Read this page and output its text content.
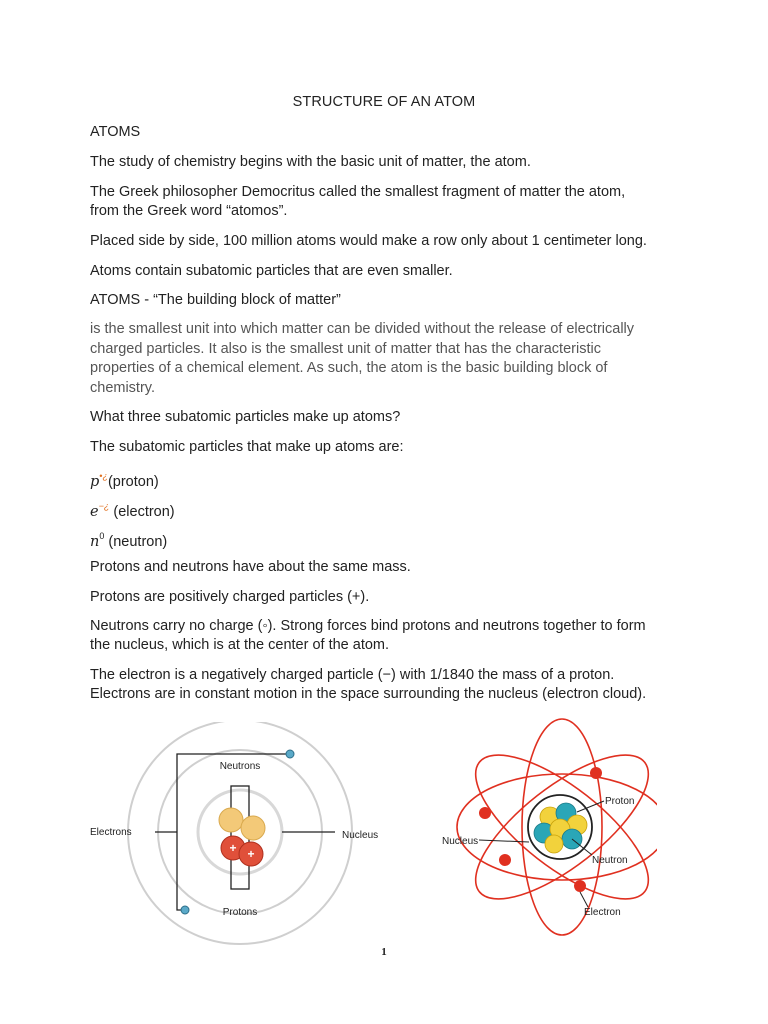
STRUCTURE OF AN ATOM
ATOMS
The study of chemistry begins with the basic unit of matter, the atom.
The Greek philosopher Democritus called the smallest fragment of matter the atom,
from the Greek word “atomos”.
Placed side by side, 100 million atoms would make a row only about 1 centimeter long.
Atoms contain subatomic particles that are even smaller.
ATOMS - “The building block of matter”
is the smallest unit into which matter can be divided without the release of electrically
charged particles. It also is the smallest unit of matter that has the characteristic
properties of a chemical element. As such, the atom is the basic building block of
chemistry.
What three subatomic particles make up atoms?
The subatomic particles that make up atoms are:
p•¿(proton)
e−¿ (electron)
$n^0$ (neutron)
Protons and neutrons have about the same mass.
Protons are positively charged particles (+).
Neutrons carry no charge (◦). Strong forces bind protons and neutrons together to form
the nucleus, which is at the center of the atom.
The electron is a negatively charged particle (−) with 1/1840 the mass of a proton.
Electrons are in constant motion in the space surrounding the nucleus (electron cloud).
+ +
Neutrons
Electrons	Nucleus
Protons
Proton
Nucleus
Neutron
Electron
1
